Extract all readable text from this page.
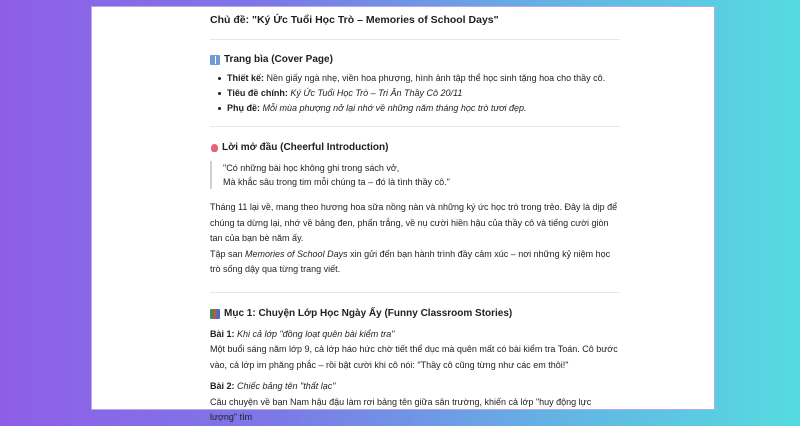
Chủ đề: "Ký Ức Tuổi Học Trò – Memories of School Days"
Trang bìa (Cover Page)
Thiết kế: Nền giấy ngà nhẹ, viền hoa phượng, hình ảnh tập thể học sinh tặng hoa cho thầy cô.
Tiêu đề chính: Ký Ức Tuổi Học Trò – Tri Ân Thầy Cô 20/11
Phụ đề: Mỗi mùa phượng nở lại nhớ về những năm tháng học trò tươi đẹp.
Lời mở đầu (Cheerful Introduction)
"Có những bài học không ghi trong sách vở,
Mà khắc sâu trong tim mỗi chúng ta – đó là tình thầy cô."

Tháng 11 lại về, mang theo hương hoa sữa nồng nàn và những ký ức học trò trong trẻo. Đây là dịp để chúng ta dừng lại, nhớ về bảng đen, phấn trắng, về nụ cười hiền hậu của thầy cô và tiếng cười giòn tan của bạn bè năm ấy.

Tập san Memories of School Days xin gửi đến bạn hành trình đầy cảm xúc – nơi những kỷ niệm học trò sống dậy qua từng trang viết.

Mục 1: Chuyện Lớp Học Ngày Ấy (Funny Classroom Stories)

Bài 1: Khi cả lớp "đồng loạt quên bài kiểm tra"

Một buổi sáng năm lớp 9, cả lớp háo hức chờ tiết thể dục mà quên mất có bài kiểm tra Toán. Cô bước vào, cả lớp im phăng phắc – rồi bật cười khi cô nói: "Thầy cô cũng từng như các em thôi!"

Bài 2: Chiếc bảng tên "thất lạc"

Câu chuyện về bạn Nam hậu đậu làm rơi bảng tên giữa sân trường, khiến cả lớp "huy động lực lượng" tìm
